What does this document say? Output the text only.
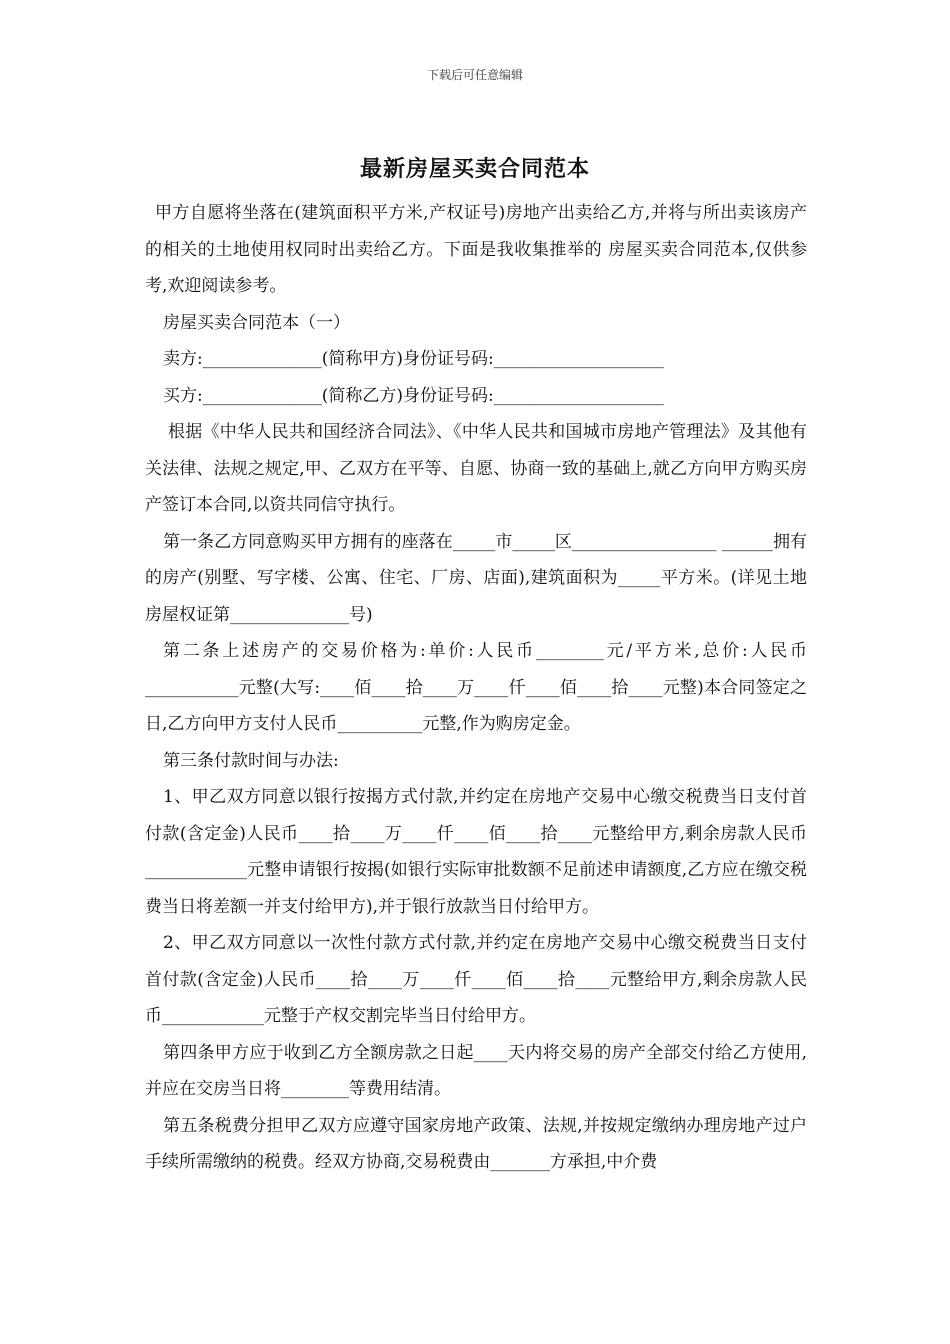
下载后可任意编辑
最新房屋买卖合同范本

甲方自愿将坐落在(建筑面积平方米,产权证号)房地产出卖给乙方,并将与所出卖该房产的相关的土地使用权同时出卖给乙方。下面是我收集推举的 房屋买卖合同范本,仅供参考,欢迎阅读参考。

房屋买卖合同范本（一）

卖方:______________(简称甲方)身份证号码:____________________

买方:______________(简称乙方)身份证号码:____________________

根据《中华人民共和国经济合同法》、《中华人民共和国城市房地产管理法》及其他有关法律、法规之规定,甲、乙双方在平等、自愿、协商一致的基础上,就乙方向甲方购买房产签订本合同,以资共同信守执行。

第一条乙方同意购买甲方拥有的座落在_____市_____区_________________ ______拥有的房产(别墅、写字楼、公寓、住宅、厂房、店面),建筑面积为_____平方米。(详见土地房屋权证第______________号)

第二条上述房产的交易价格为:单价:人民币________元/平方米,总价:人民币___________元整(大写:____佰____拾____万____仟____佰____拾____元整)本合同签定之日,乙方向甲方支付人民币__________元整,作为购房定金。

第三条付款时间与办法:

1、甲乙双方同意以银行按揭方式付款,并约定在房地产交易中心缴交税费当日支付首付款(含定金)人民币____拾____万____仟____佰____拾____元整给甲方,剩余房款人民币____________元整申请银行按揭(如银行实际审批数额不足前述申请额度,乙方应在缴交税费当日将差额一并支付给甲方),并于银行放款当日付给甲方。

2、甲乙双方同意以一次性付款方式付款,并约定在房地产交易中心缴交税费当日支付首付款(含定金)人民币____拾____万____仟____佰____拾____元整给甲方,剩余房款人民币____________元整于产权交割完毕当日付给甲方。

第四条甲方应于收到乙方全额房款之日起____天内将交易的房产全部交付给乙方使用,并应在交房当日将________等费用结清。

第五条税费分担甲乙双方应遵守国家房地产政策、法规,并按规定缴纳办理房地产过户手续所需缴纳的税费。经双方协商,交易税费由_______方承担,中介费
